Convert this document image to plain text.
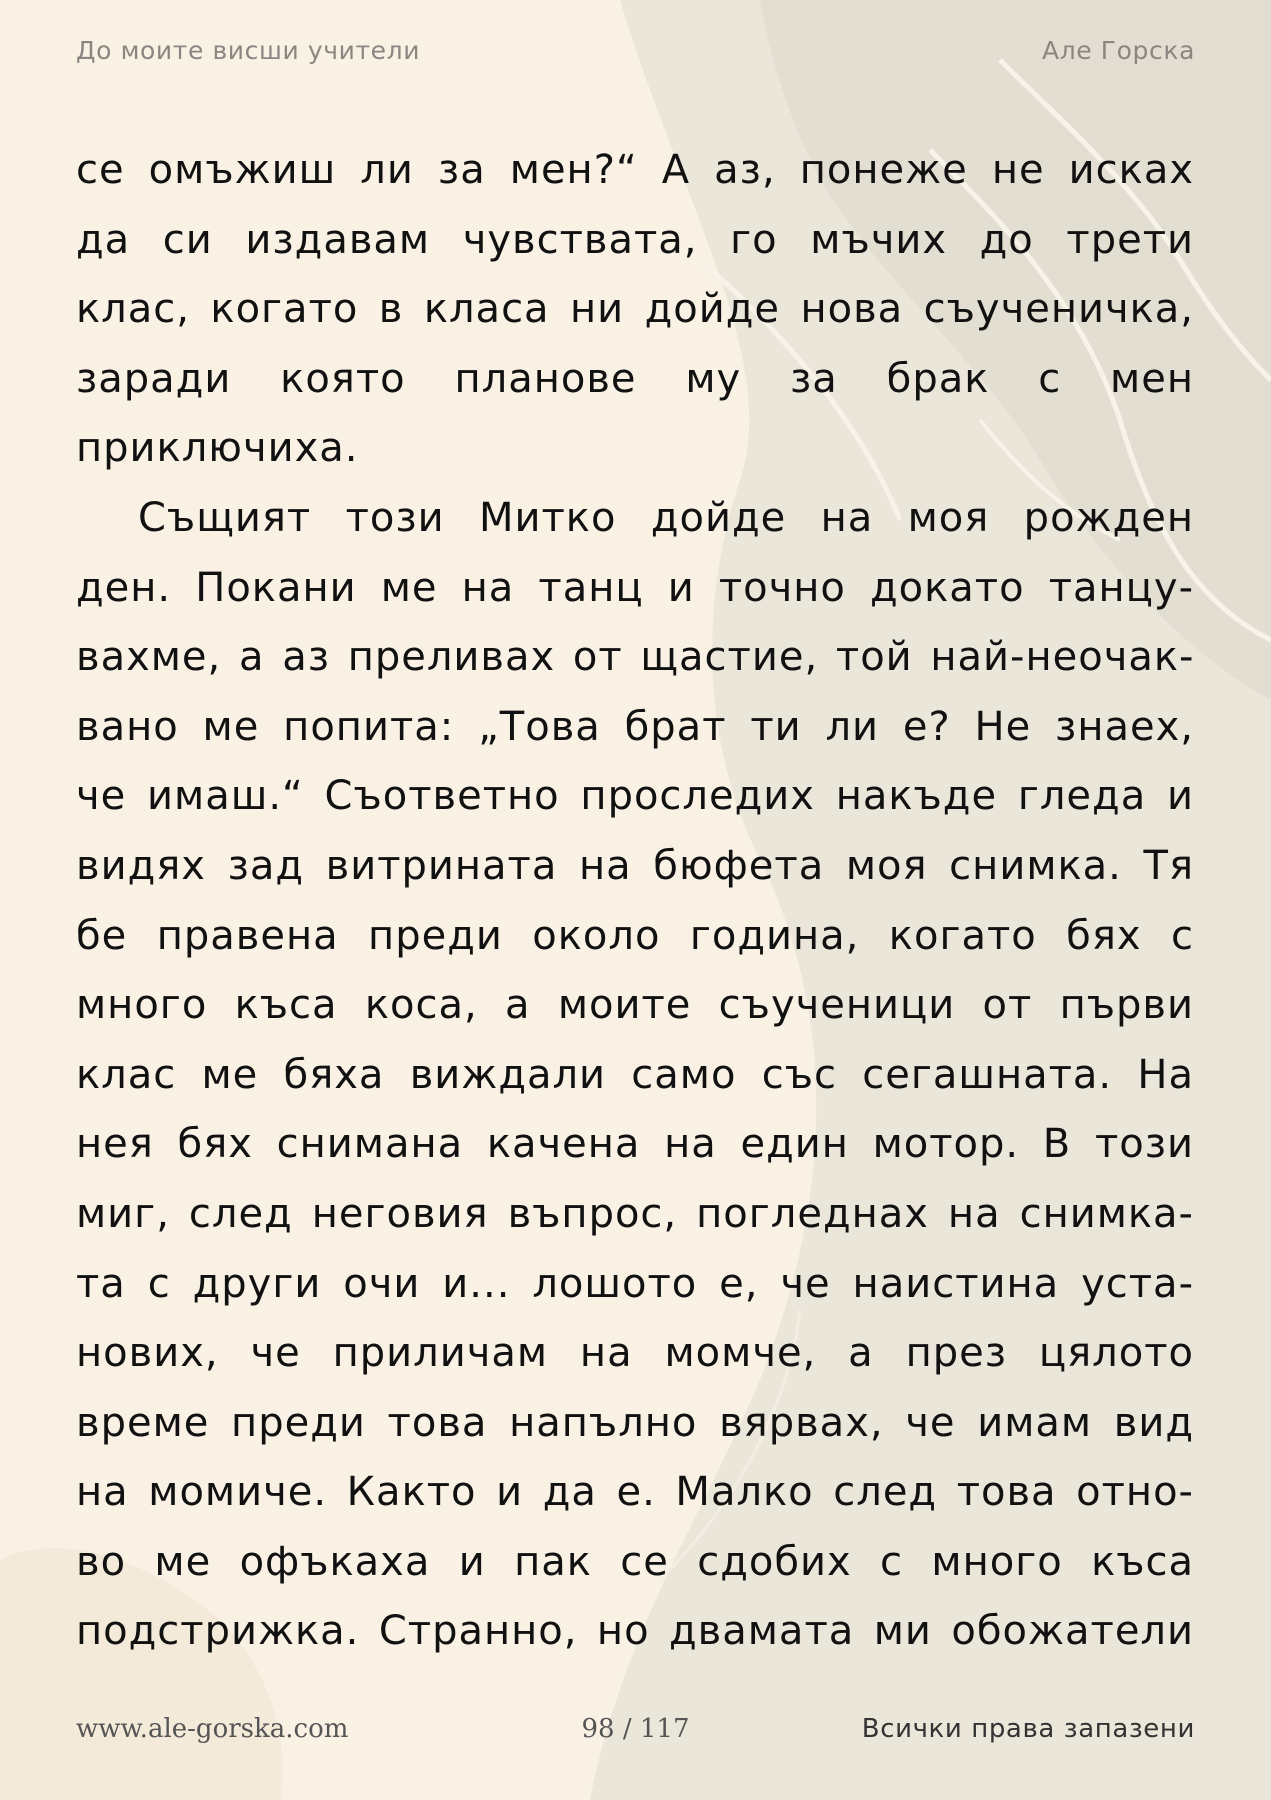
До моите висши учители	Але Горска
се омъжиш ли за мен?“ А аз, понеже не исках
да си издавам чувствата, го мъчих до трети
клас, когато в класа ни дойде нова съученичка,
заради която планове му за брак с мен
приключиха.
Същият този Митко дойде на моя рожден
ден. Покани ме на танц и точно докато танцу-
вахме, а аз преливах от щастие, той най-неочак-
вано ме попита: „Това брат ти ли е? Не знаех,
че имаш.“ Съответно проследих накъде гледа и
видях зад витрината на бюфета моя снимка. Тя
бе правена преди около година, когато бях с
много къса коса, а моите съученици от първи
клас ме бяха виждали само със сегашната. На
нея бях снимана качена на един мотор. В този
миг, след неговия въпрос, погледнах на снимка-
та с други очи и... лошото е, че наистина уста-
нових, че приличам на момче, а през цялото
време преди това напълно вярвах, че имам вид
на момиче. Както и да е. Малко след това отно-
во ме офъкаха и пак се сдобих с много къса
подстрижка. Странно, но двамата ми обожатели
www.ale-gorska.com	98 / 117	Всички права запазени
